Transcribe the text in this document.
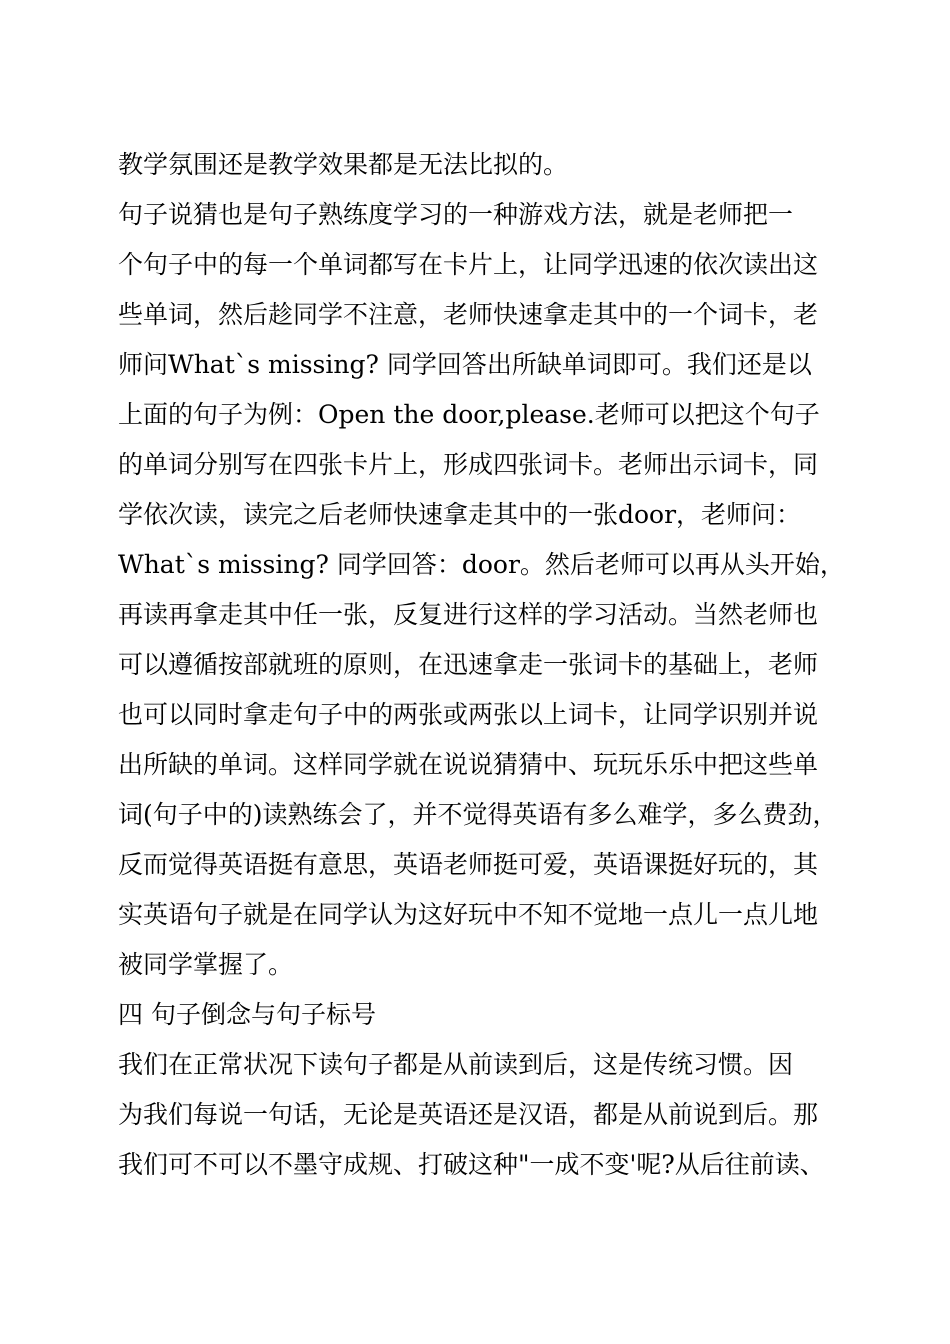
教学氛围还是教学效果都是无法比拟的。
句子说猜也是句子熟练度学习的一种游戏方法，就是老师把一
个句子中的每一个单词都写在卡片上，让同学迅速的依次读出这
些单词，然后趁同学不注意，老师快速拿走其中的一个词卡，老
师问What`s missing? 同学回答出所缺单词即可。我们还是以
上面的句子为例：Open the door,please.老师可以把这个句子
的单词分别写在四张卡片上，形成四张词卡。老师出示词卡，同
学依次读，读完之后老师快速拿走其中的一张door，老师问：
What`s missing? 同学回答：door。然后老师可以再从头开始，
再读再拿走其中任一张，反复进行这样的学习活动。当然老师也
可以遵循按部就班的原则，在迅速拿走一张词卡的基础上，老师
也可以同时拿走句子中的两张或两张以上词卡，让同学识别并说
出所缺的单词。这样同学就在说说猜猜中、玩玩乐乐中把这些单
词(句子中的)读熟练会了，并不觉得英语有多么难学，多么费劲，
反而觉得英语挺有意思，英语老师挺可爱，英语课挺好玩的，其
实英语句子就是在同学认为这好玩中不知不觉地一点儿一点儿地
被同学掌握了。
四 句子倒念与句子标号
我们在正常状况下读句子都是从前读到后，这是传统习惯。因
为我们每说一句话，无论是英语还是汉语，都是从前说到后。那
我们可不可以不墨守成规、打破这种"一成不变'呢?从后往前读、
